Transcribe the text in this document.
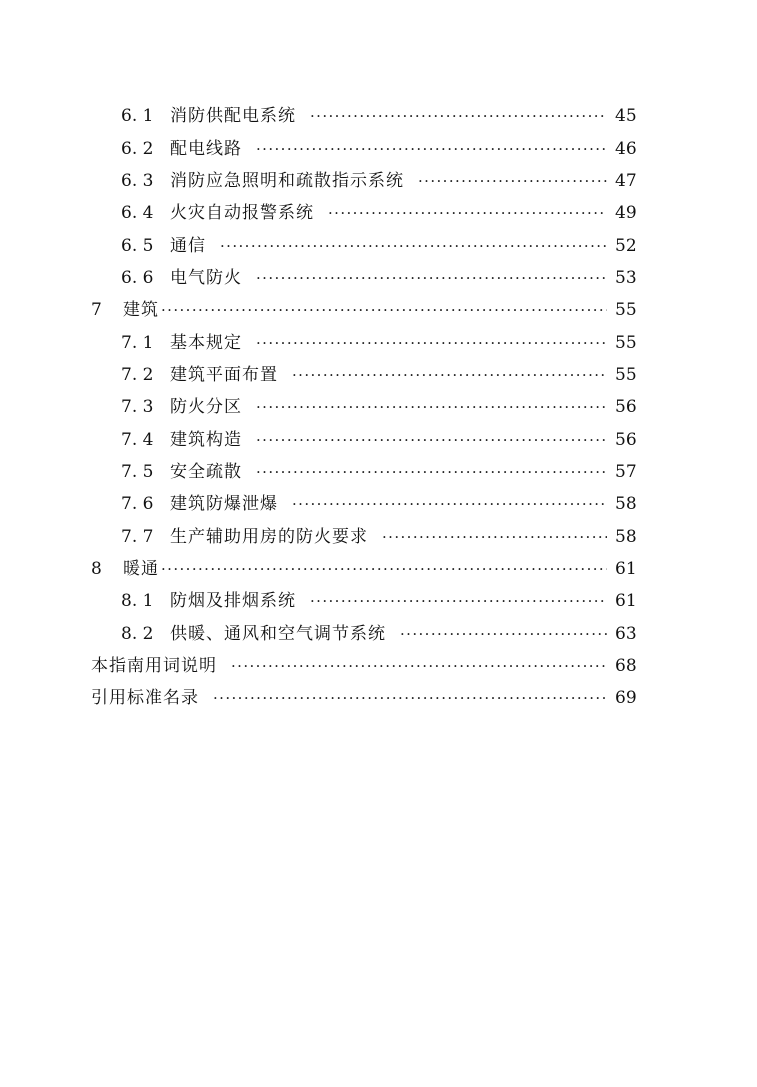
6. 1 消防供配电系统 ·····	45
6. 2 配电线路 ·····	46
6. 3 消防应急照明和疏散指示系统 ·····	47
6. 4 火灾自动报警系统 ·····	49
6. 5 通信 ·····	52
6. 6 电气防火 ·····	53
7	建筑 ·····	55
7. 1 基本规定 ·····	55
7. 2 建筑平面布置 ·····	55
7. 3 防火分区 ·····	56
7. 4 建筑构造 ·····	56
7. 5 安全疏散 ·····	57
7. 6 建筑防爆泄爆 ·····	58
7. 7 生产辅助用房的防火要求 ·····	58
8	暖通 ·····	61
8. 1 防烟及排烟系统 ·····	61
8. 2 供暖、通风和空气调节系统 ·····	63
本指南用词说明 ·····	68
引用标准名录 ·····	69
